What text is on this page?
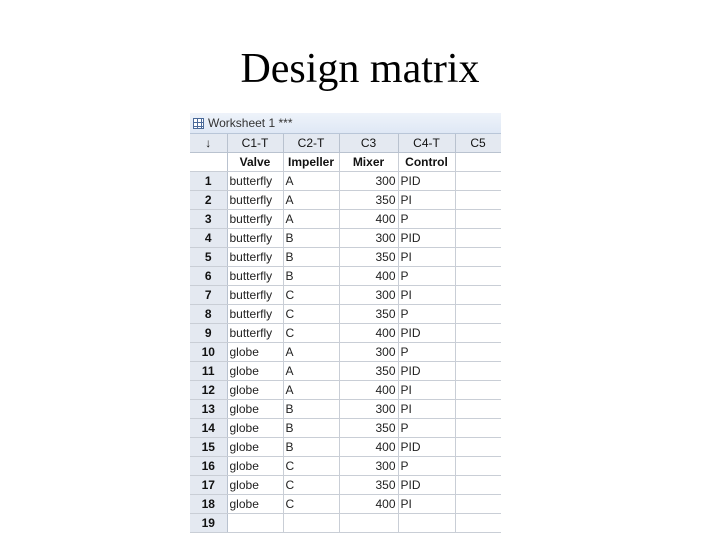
Design matrix
Worksheet 1 ***
↓	C1-T	C2-T	C3	C4-T	C5
	Valve	Impeller	Mixer	Control	
1	butterfly	A	300	PID	
2	butterfly	A	350	PI	
3	butterfly	A	400	P	
4	butterfly	B	300	PID	
5	butterfly	B	350	PI	
6	butterfly	B	400	P	
7	butterfly	C	300	PI	
8	butterfly	C	350	P	
9	butterfly	C	400	PID	
10	globe	A	300	P	
11	globe	A	350	PID	
12	globe	A	400	PI	
13	globe	B	300	PI	
14	globe	B	350	P	
15	globe	B	400	PID	
16	globe	C	300	P	
17	globe	C	350	PID	
18	globe	C	400	PI	
19					
